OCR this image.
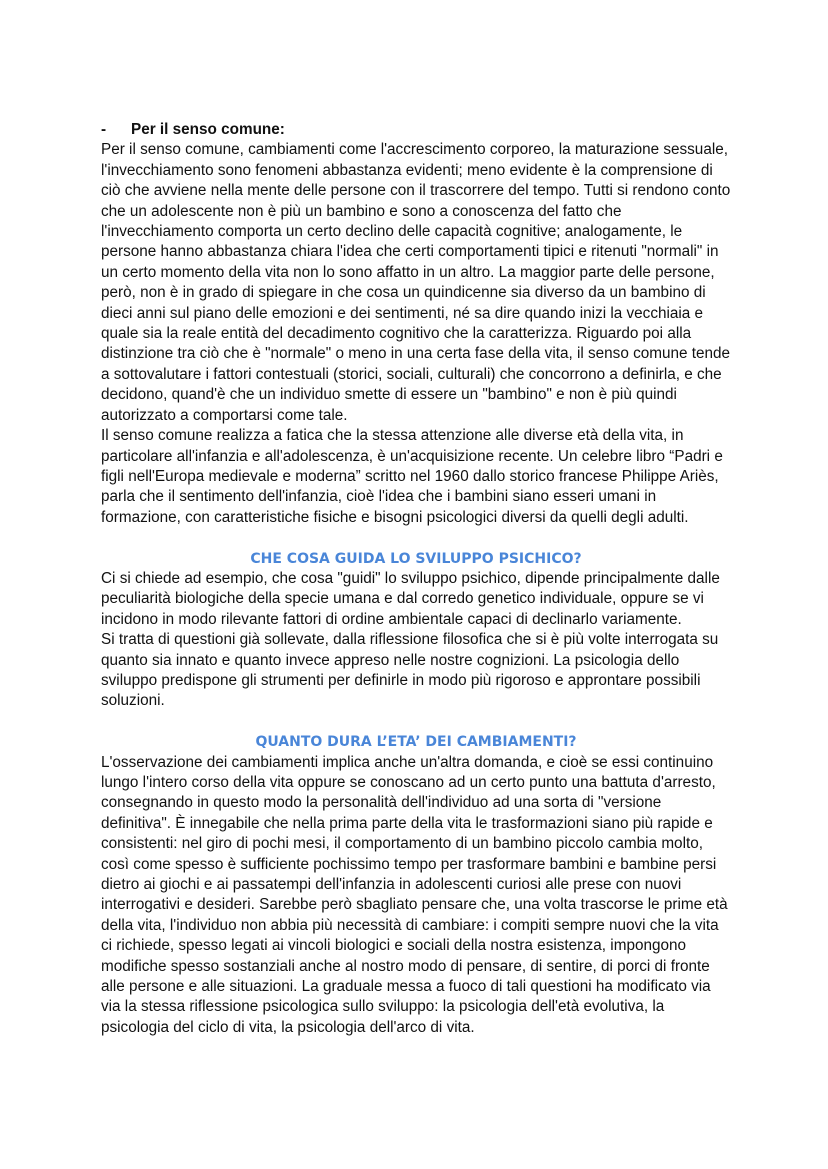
-	Per il senso comune:

Per il senso comune, cambiamenti come l'accrescimento corporeo, la maturazione sessuale, l'invecchiamento sono fenomeni abbastanza evidenti; meno evidente è la comprensione di ciò che avviene nella mente delle persone con il trascorrere del tempo. Tutti si rendono conto che un adolescente non è più un bambino e sono a conoscenza del fatto che l'invecchiamento comporta un certo declino delle capacità cognitive; analogamente, le persone hanno abbastanza chiara l'idea che certi comportamenti tipici e ritenuti "normali" in un certo momento della vita non lo sono affatto in un altro. La maggior parte delle persone, però, non è in grado di spiegare in che cosa un quindicenne sia diverso da un bambino di dieci anni sul piano delle emozioni e dei sentimenti, né sa dire quando inizi la vecchiaia e quale sia la reale entità del decadimento cognitivo che la caratterizza. Riguardo poi alla distinzione tra ciò che è "normale" o meno in una certa fase della vita, il senso comune tende a sottovalutare i fattori contestuali (storici, sociali, culturali) che concorrono a definirla, e che decidono, quand'è che un individuo smette di essere un "bambino" e non è più quindi autorizzato a comportarsi come tale.

Il senso comune realizza a fatica che la stessa attenzione alle diverse età della vita, in particolare all'infanzia e all'adolescenza, è un'acquisizione recente. Un celebre libro “Padri e figli nell'Europa medievale e moderna” scritto nel 1960 dallo storico francese Philippe Ariès, parla che il sentimento dell'infanzia, cioè l'idea che i bambini siano esseri umani in formazione, con caratteristiche fisiche e bisogni psicologici diversi da quelli degli adulti.

CHE COSA GUIDA LO SVILUPPO PSICHICO?

Ci si chiede ad esempio, che cosa "guidi" lo sviluppo psichico, dipende principalmente dalle peculiarità biologiche della specie umana e dal corredo genetico individuale, oppure se vi incidono in modo rilevante fattori di ordine ambientale capaci di declinarlo variamente.

Si tratta di questioni già sollevate, dalla riflessione filosofica che si è più volte interrogata su quanto sia innato e quanto invece appreso nelle nostre cognizioni. La psicologia dello sviluppo predispone gli strumenti per definirle in modo più rigoroso e approntare possibili soluzioni.

QUANTO DURA L’ETA’ DEI CAMBIAMENTI?

L'osservazione dei cambiamenti implica anche un'altra domanda, e cioè se essi continuino lungo l'intero corso della vita oppure se conoscano ad un certo punto una battuta d'arresto, consegnando in questo modo la personalità dell'individuo ad una sorta di "versione definitiva". È innegabile che nella prima parte della vita le trasformazioni siano più rapide e consistenti: nel giro di pochi mesi, il comportamento di un bambino piccolo cambia molto, così come spesso è sufficiente pochissimo tempo per trasformare bambini e bambine persi dietro ai giochi e ai passatempi dell'infanzia in adolescenti curiosi alle prese con nuovi interrogativi e desideri. Sarebbe però sbagliato pensare che, una volta trascorse le prime età della vita, l'individuo non abbia più necessità di cambiare: i compiti sempre nuovi che la vita ci richiede, spesso legati ai vincoli biologici e sociali della nostra esistenza, impongono modifiche spesso sostanziali anche al nostro modo di pensare, di sentire, di porci di fronte alle persone e alle situazioni. La graduale messa a fuoco di tali questioni ha modificato via via la stessa riflessione psicologica sullo sviluppo: la psicologia dell'età evolutiva, la psicologia del ciclo di vita, la psicologia dell'arco di vita.
